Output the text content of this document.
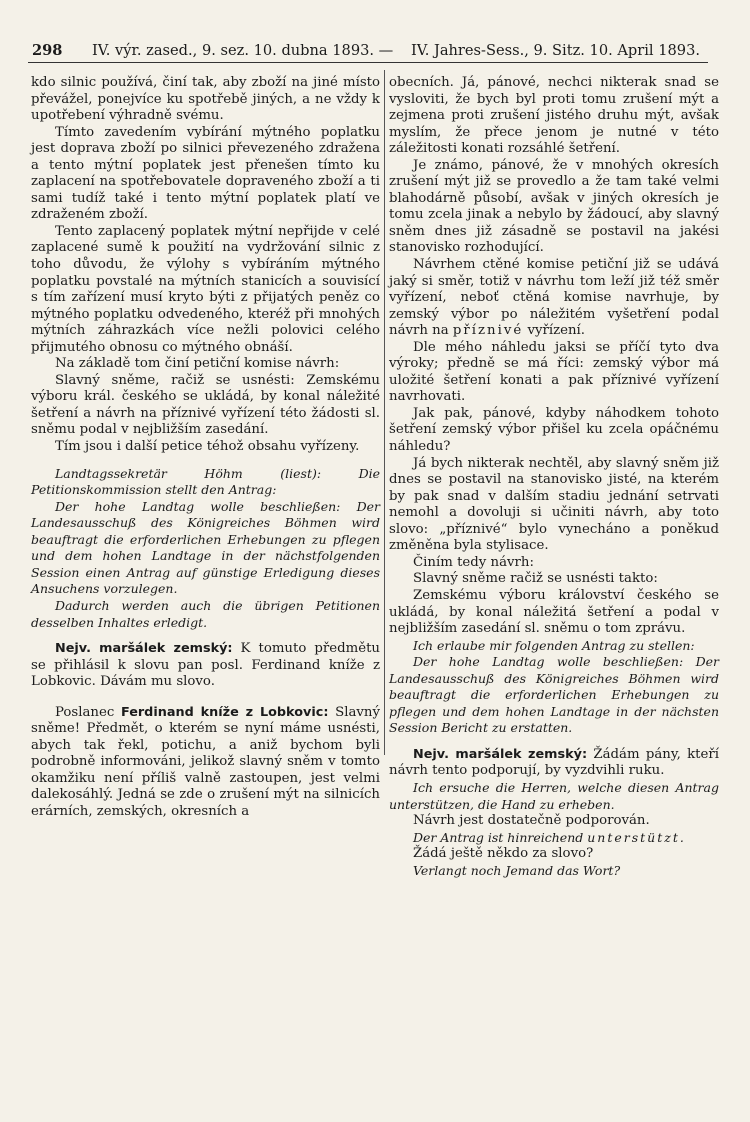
298 IV. výr. zased., 9. sez. 10. dubna 1893. — IV. Jahres-Sess., 9. Sitz. 10. April 1893.

kdo silnic používá, činí tak, aby zboží na jiné místo převážel, ponejvíce ku spotřebě jiných, a ne vždy k upotřebení výhradně svému.

Tímto zavedením vybírání mýtného poplatku jest doprava zboží po silnici převezeného zdražena a tento mýtní poplatek jest přenešen tímto ku zaplacení na spotřebovatele dopraveného zboží a ti sami tudíž také i tento mýtní poplatek platí ve zdraženém zboží.

Tento zaplacený poplatek mýtní nepřijde v celé zaplacené sumě k použití na vydržování silnic z toho důvodu, že výlohy s vybíráním mýtného poplatku povstalé na mýtních stanicích a souvisící s tím zařízení musí kryto býti z přijatých peněz co mýtného poplatku odvedeného, kteréž při mnohých mýtních záhrazkách více nežli polovici celého přijmutého obnosu co mýtného obnáší.

Na základě tom činí petiční komise návrh:

Slavný sněme, račiž se usnésti: Zemskému výboru král. českého se ukládá, by konal náležité šetření a návrh na příznivé vyřízení této žádosti sl. sněmu podal v nejbližším zasedání.

Tím jsou i další petice téhož obsahu vyřízeny.

Landtagssekretär Höhm (liest): Die Petitionskommission stellt den Antrag:

Der hohe Landtag wolle beschließen: Der Landesausschuß des Königreiches Böhmen wird beauftragt die erforderlichen Erhebungen zu pflegen und dem hohen Landtage in der nächstfolgenden Session einen Antrag auf günstige Erledigung dieses Ansuchens vorzulegen.

Dadurch werden auch die übrigen Petitionen desselben Inhaltes erledigt.

Nejv. maršálek zemský: K tomuto předmětu se přihlásil k slovu pan posl. Ferdinand kníže z Lobkovic. Dávám mu slovo.

Poslanec Ferdinand kníže z Lobkovic: Slavný sněme! Předmět, o kterém se nyní máme usnésti, abych tak řekl, potichu, a aniž bychom byli podrobně informováni, jelikož slavný sněm v tomto okamžiku není příliš valně zastoupen, jest velmi dalekosáhlý. Jedná se zde o zrušení mýt na silnicích erárních, zemských, okresních a

obecních. Já, pánové, nechci nikterak snad se vysloviti, že bych byl proti tomu zrušení mýt a zejmena proti zrušení jistého druhu mýt, avšak myslím, že přece jenom je nutné v této záležitosti konati rozsáhlé šetření.

Je známo, pánové, že v mnohých okresích zrušení mýt již se provedlo a že tam také velmi blahodárně působí, avšak v jiných okresích je tomu zcela jinak a nebylo by žádoucí, aby slavný sněm dnes již zásadně se postavil na jakési stanovisko rozhodující.

Návrhem ctěné komise petiční již se udává jaký si směr, totiž v návrhu tom leží již též směr vyřízení, neboť ctěná komise navrhuje, by zemský výbor po náležitém vyšetření podal návrh na příznivé vyřízení.

Dle mého náhledu jaksi se příčí tyto dva výroky; předně se má říci: zemský výbor má uložité šetření konati a pak příznivé vyřízení navrhovati.

Jak pak, pánové, kdyby náhodkem tohoto šetření zemský výbor přišel ku zcela opáčnému náhledu?

Já bych nikterak nechtěl, aby slavný sněm již dnes se postavil na stanovisko jisté, na kterém by pak snad v dalším stadiu jednání setrvati nemohl a dovoluji si učiniti návrh, aby toto slovo: „příznivé“ bylo vynecháno a poněkud změněna byla stylisace.

Činím tedy návrh:

Slavný sněme račiž se usnésti takto:

Zemskému výboru království českého se ukládá, by konal náležitá šetření a podal v nejbližším zasedání sl. sněmu o tom zprávu.

Ich erlaube mir folgenden Antrag zu stellen:

Der hohe Landtag wolle beschließen: Der Landesausschuß des Königreiches Böhmen wird beauftragt die erforderlichen Erhebungen zu pflegen und dem hohen Landtage in der nächsten Session Bericht zu erstatten.

Nejv. maršálek zemský: Žádám pány, kteří návrh tento podporují, by vyzdvihli ruku.

Ich ersuche die Herren, welche diesen Antrag unterstützen, die Hand zu erheben.

Návrh jest dostatečně podporován.

Der Antrag ist hinreichend unterstützt.

Žádá ještě někdo za slovo?

Verlangt noch Jemand das Wort?
